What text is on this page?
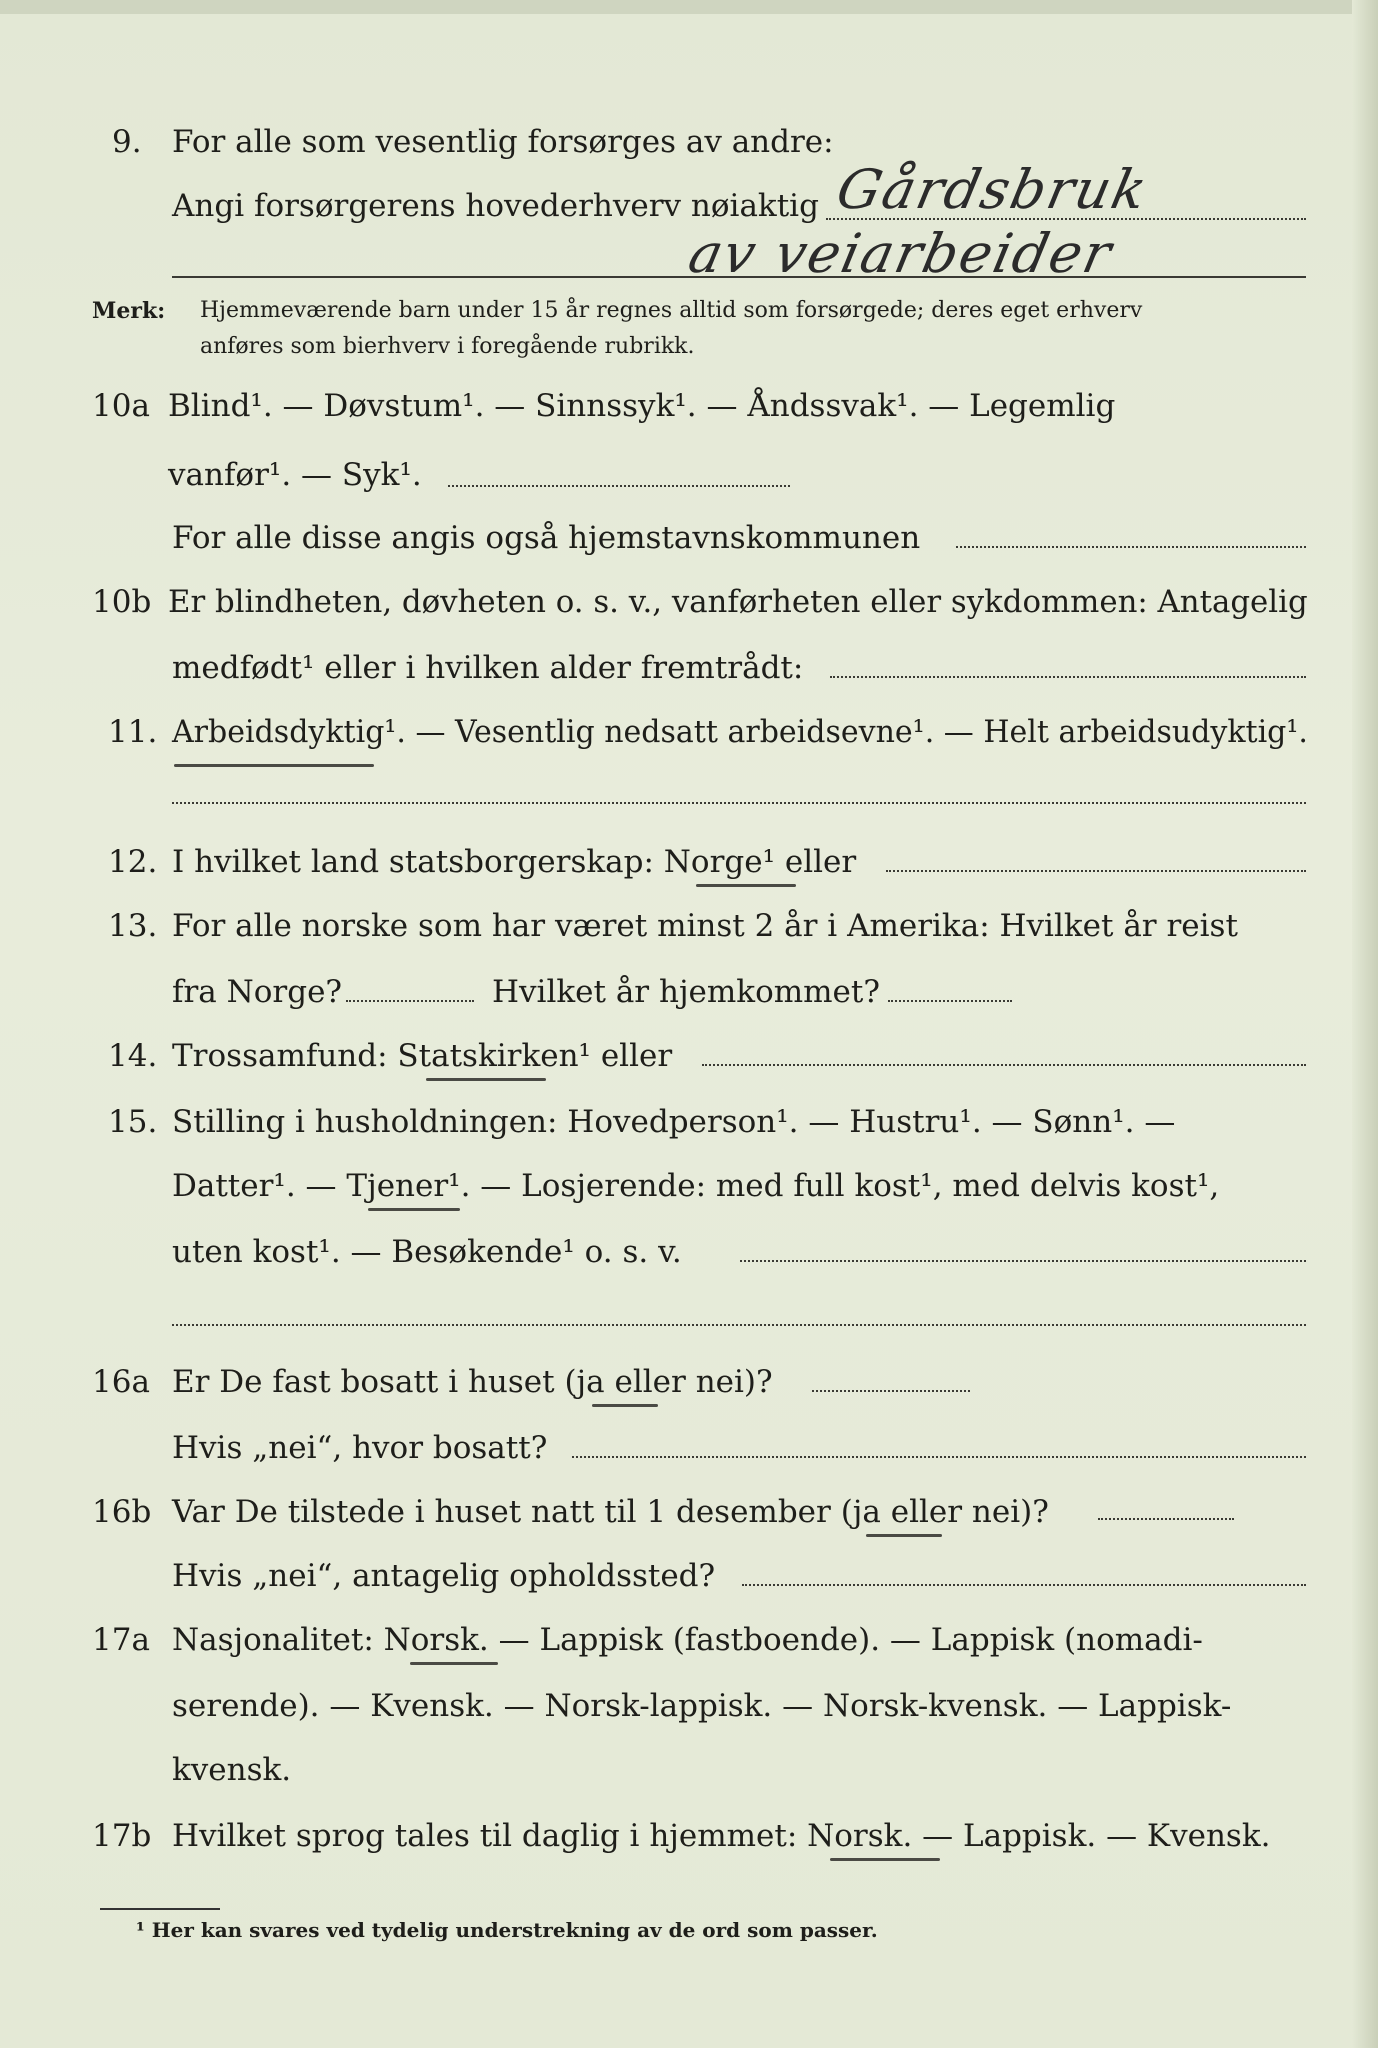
9. For alle som vesentlig forsørges av andre:
Angi forsørgerens hovederhverv nøiaktig Gårdsbruk
av veiarbeider
Merk: Hjemmeværende barn under 15 år regnes alltid som forsørgede; deres eget erhverv
anføres som bierhverv i foregående rubrikk.
10a Blind¹. — Døvstum¹. — Sinnssyk¹. — Åndssvak¹. — Legemlig
vanfør¹. — Syk¹.
For alle disse angis også hjemstavnskommunen
10b Er blindheten, døvheten o. s. v., vanførheten eller sykdommen: Antagelig
medfødt¹ eller i hvilken alder fremtrådt:
11. Arbeidsdyktig¹. — Vesentlig nedsatt arbeidsevne¹. — Helt arbeidsudyktig¹.
12. I hvilket land statsborgerskap: Norge¹ eller
13. For alle norske som har været minst 2 år i Amerika: Hvilket år reist
fra Norge?	Hvilket år hjemkommet?
14. Trossamfund: Statskirken¹ eller
15. Stilling i husholdningen: Hovedperson¹. — Hustru¹. — Sønn¹. —
Datter¹. — Tjener¹. — Losjerende: med full kost¹, med delvis kost¹,
uten kost¹. — Besøkende¹ o. s. v.
16a Er De fast bosatt i huset (ja eller nei)?
Hvis „nei“, hvor bosatt?
16b Var De tilstede i huset natt til 1 desember (ja eller nei)?
Hvis „nei“, antagelig opholdssted?
17a Nasjonalitet: Norsk. — Lappisk (fastboende). — Lappisk (nomadi-
serende). — Kvensk. — Norsk-lappisk. — Norsk-kvensk. — Lappisk-
kvensk.
17b Hvilket sprog tales til daglig i hjemmet: Norsk. — Lappisk. — Kvensk.
¹ Her kan svares ved tydelig understrekning av de ord som passer.
